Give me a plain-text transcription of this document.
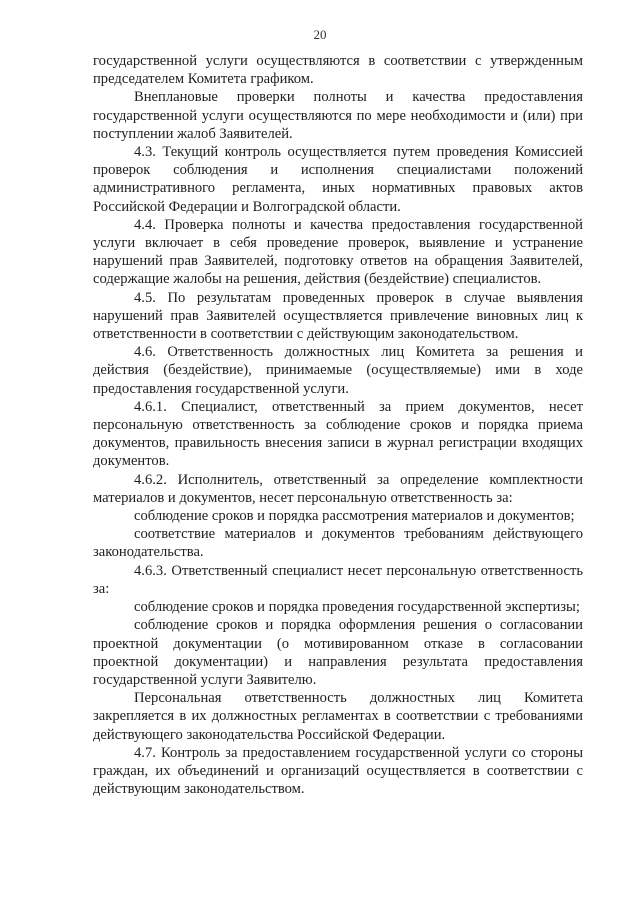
20

государственной услуги осуществляются в соответствии с утвержденным председателем Комитета графиком.

Внеплановые проверки полноты и качества предоставления государственной услуги осуществляются по мере необходимости и (или) при поступлении жалоб Заявителей.

4.3. Текущий контроль осуществляется путем проведения Комиссией проверок соблюдения и исполнения специалистами положений административного регламента, иных нормативных правовых актов Российской Федерации и Волгоградской области.

4.4. Проверка полноты и качества предоставления государственной услуги включает в себя проведение проверок, выявление и устранение нарушений прав Заявителей, подготовку ответов на обращения Заявителей, содержащие жалобы на решения, действия (бездействие) специалистов.

4.5. По результатам проведенных проверок в случае выявления нарушений прав Заявителей осуществляется привлечение виновных лиц к ответственности в соответствии с действующим законодательством.

4.6. Ответственность должностных лиц Комитета за решения и действия (бездействие), принимаемые (осуществляемые) ими в ходе предоставления государственной услуги.

4.6.1. Специалист, ответственный за прием документов, несет персональную ответственность за соблюдение сроков и порядка приема документов, правильность внесения записи в журнал регистрации входящих документов.

4.6.2. Исполнитель, ответственный за определение комплектности материалов и документов, несет персональную ответственность за:

соблюдение сроков и порядка рассмотрения материалов и документов;

соответствие материалов и документов требованиям действующего законодательства.

4.6.3. Ответственный специалист несет персональную ответственность за:

соблюдение сроков и порядка проведения государственной экспертизы;

соблюдение сроков и порядка оформления решения о согласовании проектной документации (о мотивированном отказе в согласовании проектной документации) и направления результата предоставления государственной услуги Заявителю.

Персональная ответственность должностных лиц Комитета закрепляется в их должностных регламентах в соответствии с требованиями действующего законодательства Российской Федерации.

4.7. Контроль за предоставлением государственной услуги со стороны граждан, их объединений и организаций осуществляется в соответствии с действующим законодательством.
